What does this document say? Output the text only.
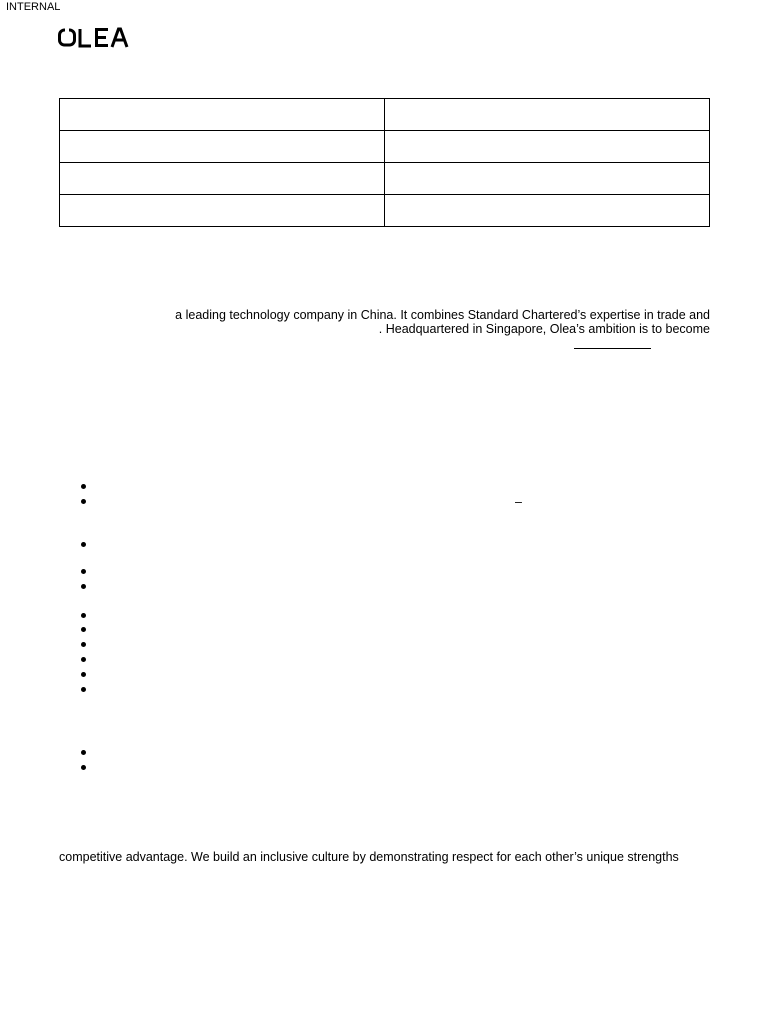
INTERNAL

a leading technology company in China. It combines Standard Chartered’s expertise in trade and
. Headquartered in Singapore, Olea’s ambition is to become
–
competitive advantage. We build an inclusive culture by demonstrating respect for each other’s unique strengths
